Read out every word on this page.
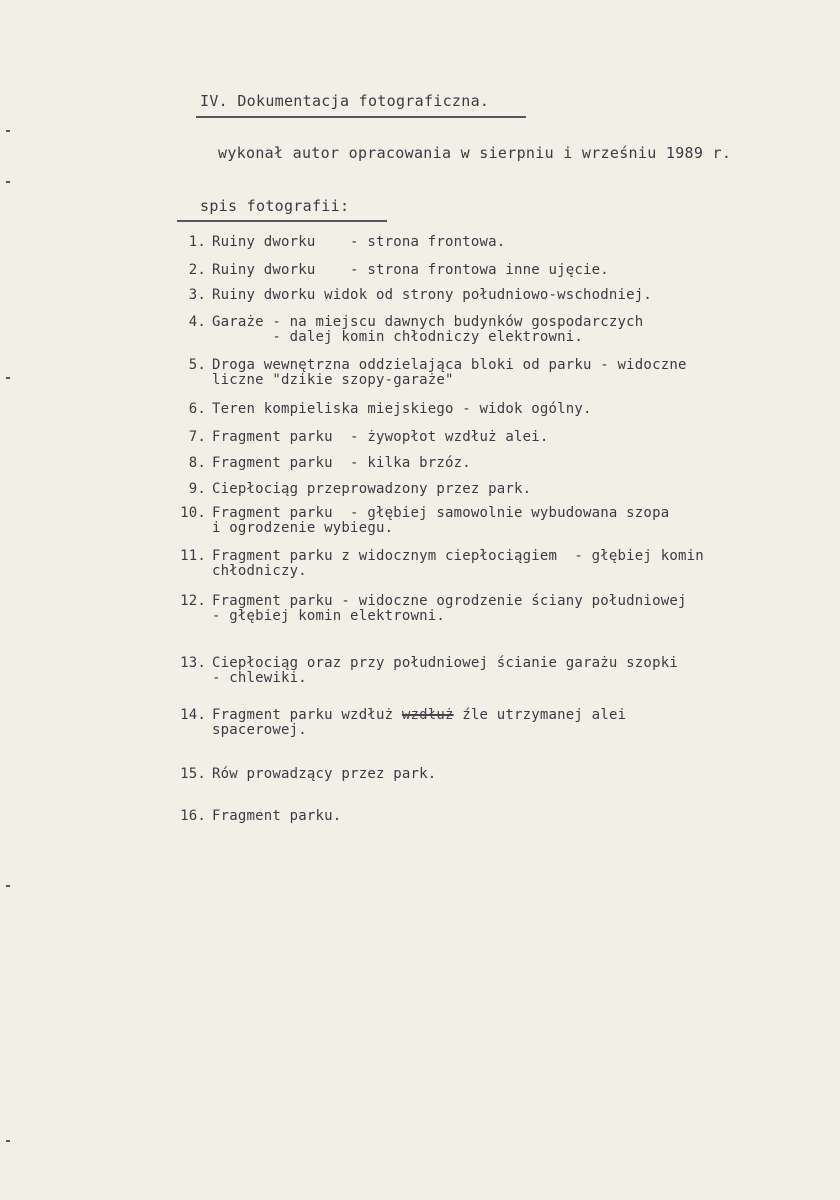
IV. Dokumentacja fotograficzna.
wykonał autor opracowania w sierpniu i wrześniu 1989 r.
spis fotografii:
1. Ruiny dworku    - strona frontowa.
2. Ruiny dworku    - strona frontowa inne ujęcie.
3. Ruiny dworku widok od strony południowo-wschodniej.
4. Garaże - na miejscu dawnych budynków gospodarczych
- dalej komin chłodniczy elektrowni.
5. Droga wewnętrzna oddzielająca bloki od parku - widoczne
liczne "dzikie szopy-garaże"
6. Teren kompieliska miejskiego - widok ogólny.
7. Fragment parku  - żywopłot wzdłuż alei.
8. Fragment parku  - kilka brzóz.
9. Ciepłociąg przeprowadzony przez park.
10. Fragment parku  - głębiej samowolnie wybudowana szopa
i ogrodzenie wybiegu.
11. Fragment parku z widocznym ciepłociągiem  - głębiej komin
chłodniczy.
12. Fragment parku - widoczne ogrodzenie ściany południowej
- głębiej komin elektrowni.
13. Ciepłociąg oraz przy południowej ścianie garażu szopki
- chlewiki.
14. Fragment parku wzdłuż wzdłuż źle utrzymanej alei
spacerowej.
15. Rów prowadzący przez park.
16. Fragment parku.
